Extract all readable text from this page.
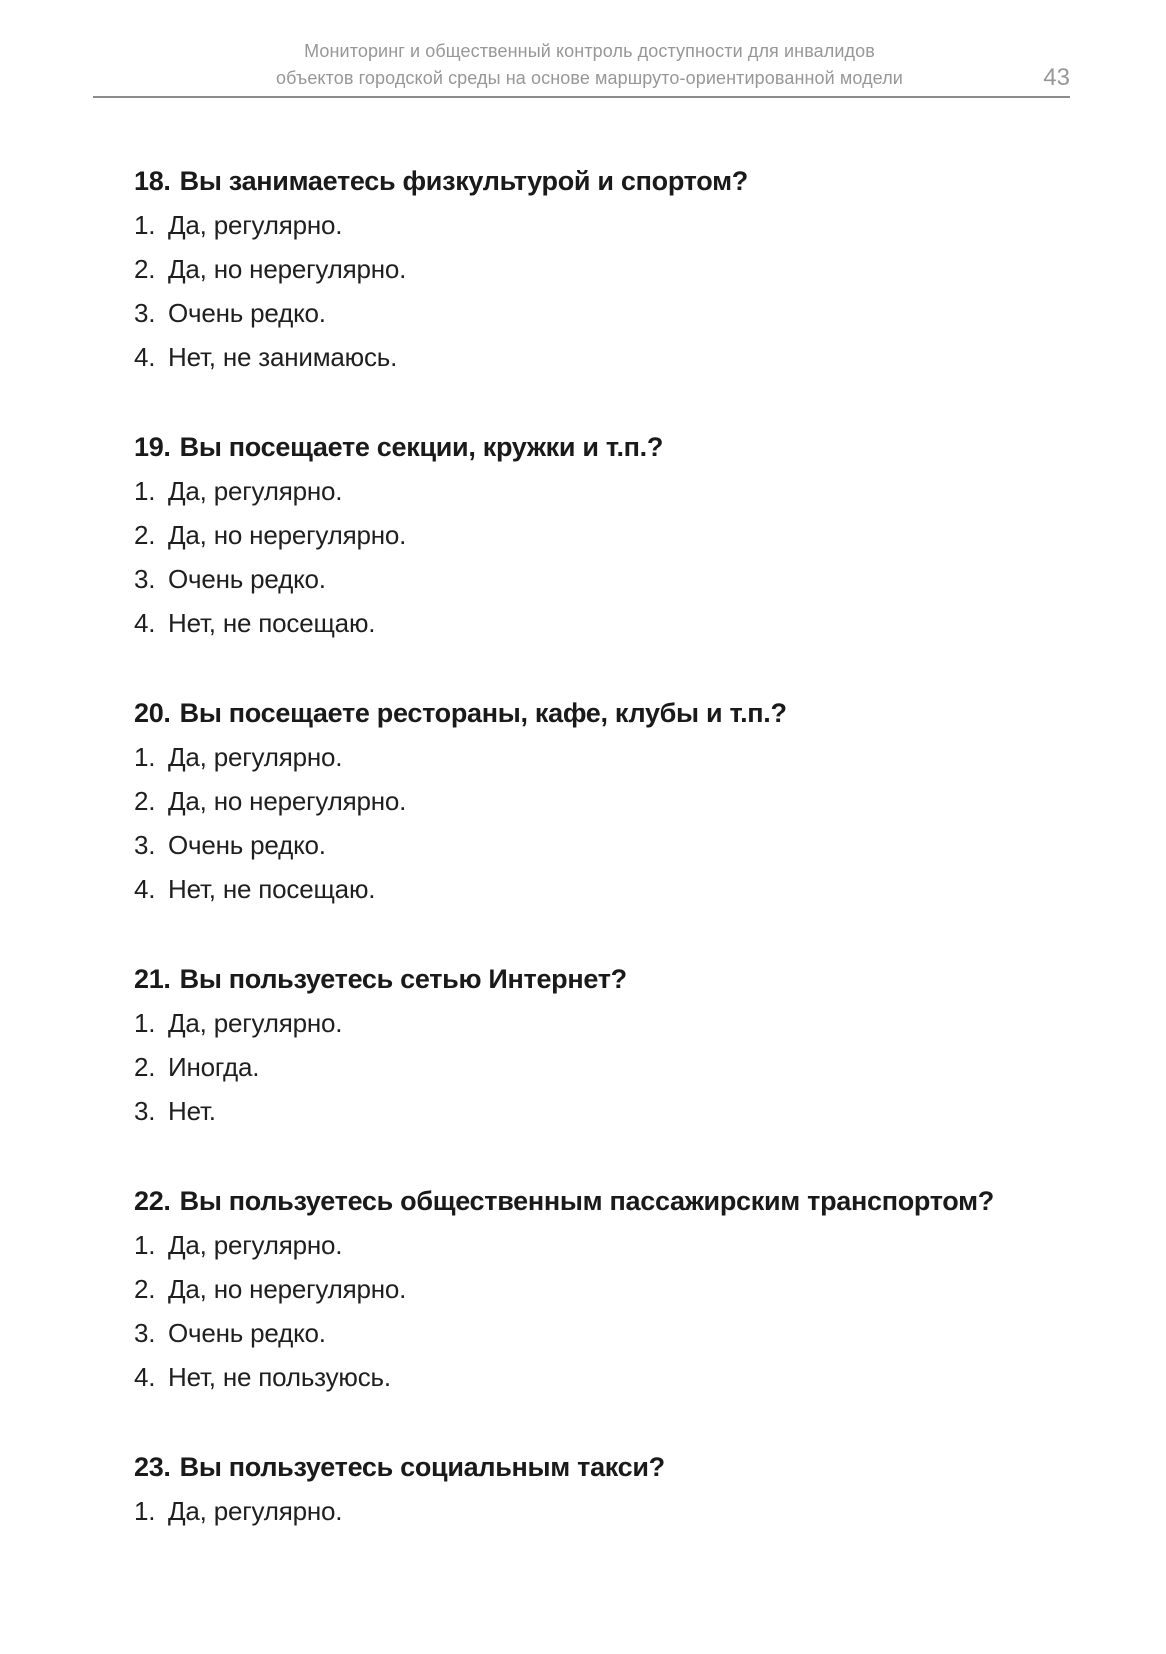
Мониторинг и общественный контроль доступности для инвалидов
объектов городской среды на основе маршруто-ориентированной модели	43
18. Вы занимаетесь физкультурой и спортом?
1. Да, регулярно.
2. Да, но нерегулярно.
3. Очень редко.
4. Нет, не занимаюсь.
19. Вы посещаете секции, кружки и т.п.?
1. Да, регулярно.
2. Да, но нерегулярно.
3. Очень редко.
4. Нет, не посещаю.
20. Вы посещаете рестораны, кафе, клубы и т.п.?
1. Да, регулярно.
2. Да, но нерегулярно.
3. Очень редко.
4. Нет, не посещаю.
21. Вы пользуетесь сетью Интернет?
1. Да, регулярно.
2. Иногда.
3. Нет.
22. Вы пользуетесь общественным пассажирским транспортом?
1. Да, регулярно.
2. Да, но нерегулярно.
3. Очень редко.
4. Нет, не пользуюсь.
23. Вы пользуетесь социальным такси?
1. Да, регулярно.
